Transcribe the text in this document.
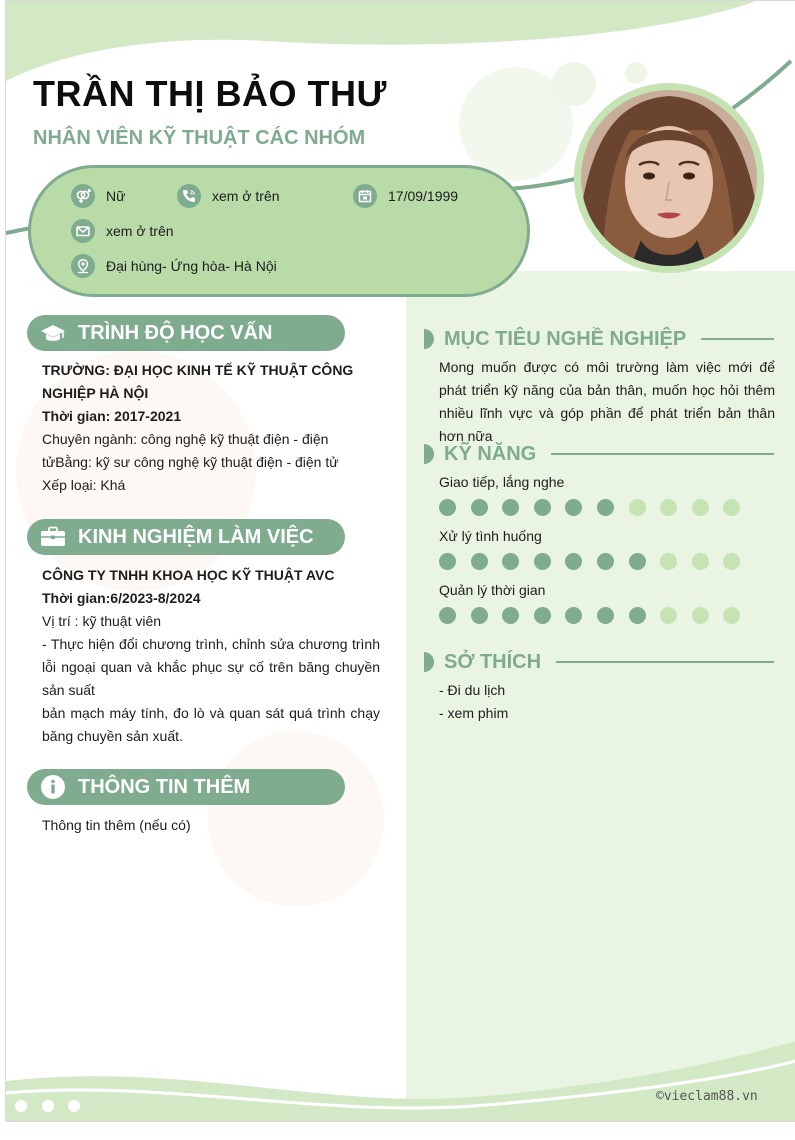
TRẦN THỊ BẢO THƯ
NHÂN VIÊN KỸ THUẬT CÁC NHÓM
Nữ	xem ở trên	17/09/1999
xem ở trên
Đại hùng- Ứng hòa- Hà Nội
TRÌNH ĐỘ HỌC VẤN

TRƯỜNG: ĐẠI HỌC KINH TẾ KỸ THUẬT CÔNG NGHIỆP HÀ NỘI

Thời gian: 2017-2021

Chuyên ngành: công nghệ kỹ thuật điện - điện tửBằng: kỹ sư công nghệ kỹ thuật điện - điện tử

Xếp loại: Khá

KINH NGHIỆM LÀM VIỆC

CÔNG TY TNHH KHOA HỌC KỸ THUẬT AVC

Thời gian:6/2023-8/2024

Vị trí : kỹ thuật viên

- Thực hiện đổi chương trình, chỉnh sửa chương trình lỗi ngoại quan và khắc phục sự cố trên băng chuyền sản suất

bản mạch máy tính, đo lò và quan sát quá trình chạy băng chuyền sản xuất.

THÔNG TIN THÊM

Thông tin thêm (nếu có)

MỤC TIÊU NGHỀ NGHIỆP
Mong muốn được có môi trường làm việc mới để phát triển kỹ năng của bản thân, muốn học hỏi thêm nhiều lĩnh vực và góp phần để phát triển bản thân hơn nữa
KỸ NĂNG
Giao tiếp, lắng nghe
Xử lý tình huống
Quản lý thời gian
SỞ THÍCH
- Đi du lịch
- xem phim
©vieclam88.vn
